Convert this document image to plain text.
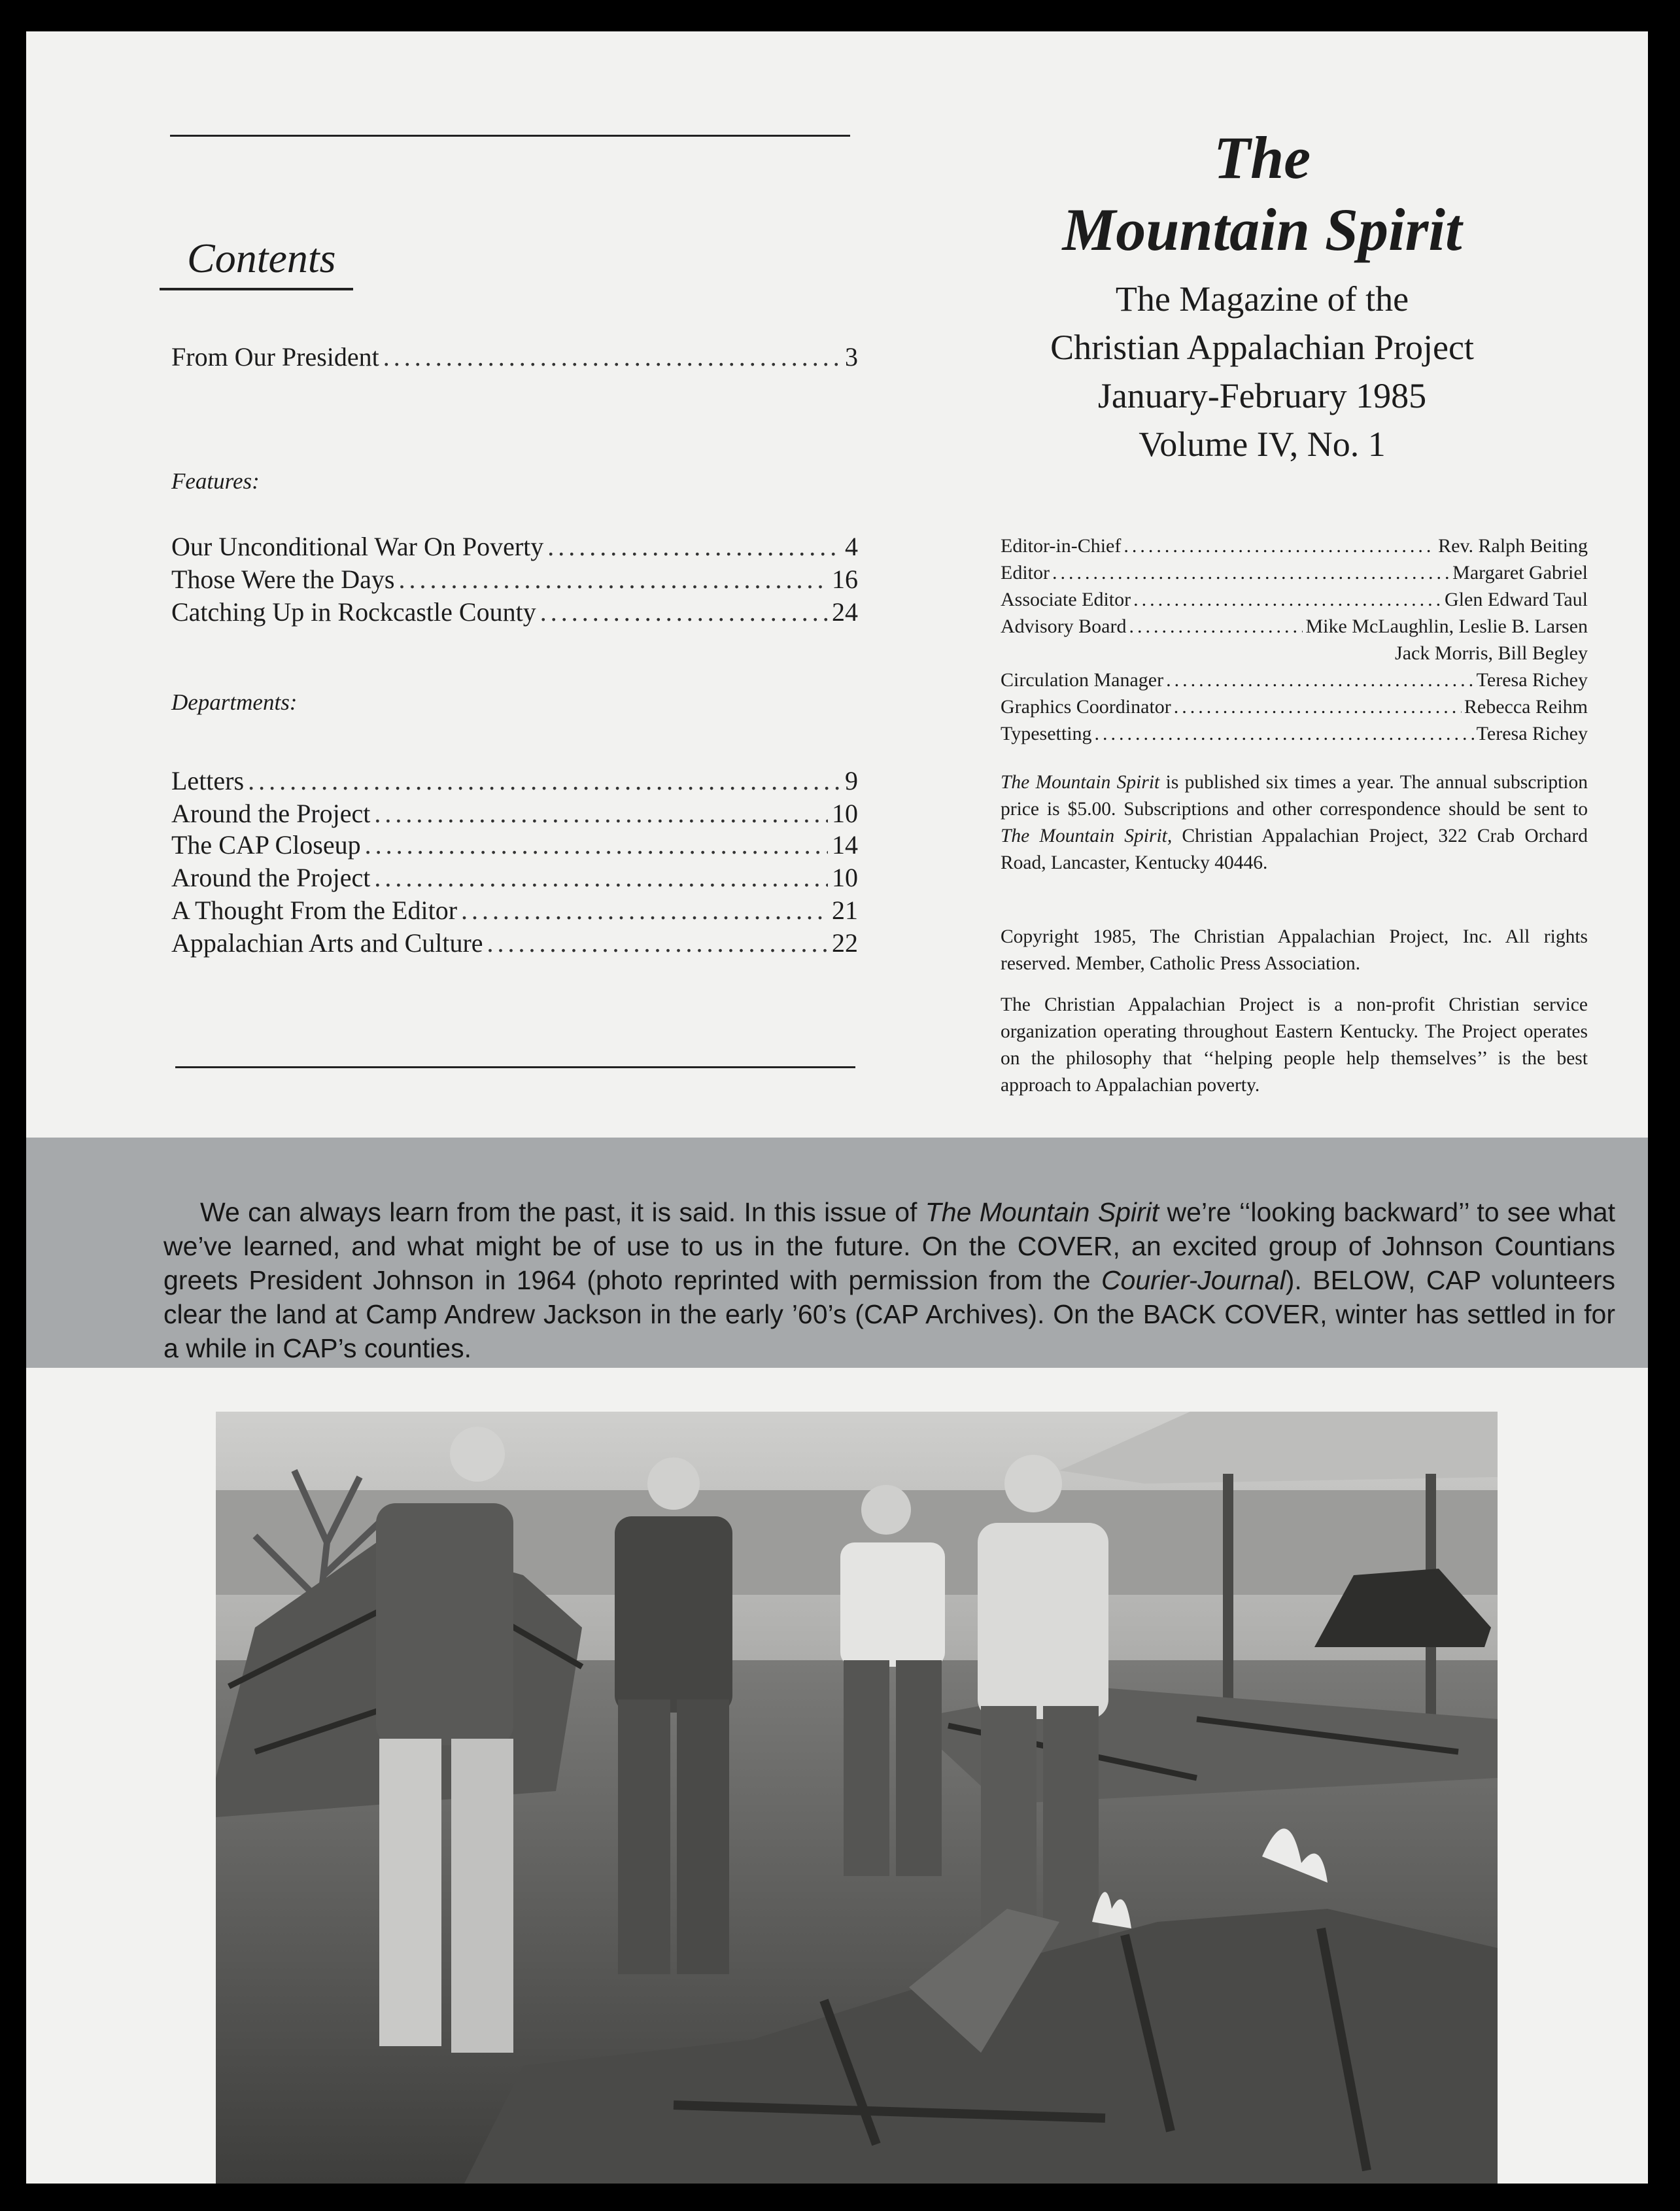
Contents
From Our President .....	3
Features:
Our Unconditional War On Poverty .....	4
Those Were the Days .....	16
Catching Up in Rockcastle County .....	24
Departments:
Letters .....	9
Around the Project .....	10
The CAP Closeup .....	14
Around the Project .....	10
A Thought From the Editor .....	21
Appalachian Arts and Culture .....	22

The

Mountain Spirit

The Magazine of the

Christian Appalachian Project

January-February 1985

Volume IV, No. 1

Editor-in-Chief .....	Rev. Ralph Beiting
Editor .....	Margaret Gabriel
Associate Editor .....	Glen Edward Taul
Advisory Board .....	Mike McLaughlin, Leslie B. Larsen
Jack Morris, Bill Begley
Circulation Manager .....	Teresa Richey
Graphics Coordinator .....	Rebecca Reihm
Typesetting .....	Teresa Richey

The Mountain Spirit is published six times a year. The annual subscription price is $5.00. Subscriptions and other correspondence should be sent to The Mountain Spirit, Christian Appalachian Project, 322 Crab Orchard Road, Lancaster, Kentucky 40446.

Copyright 1985, The Christian Appalachian Project, Inc. All rights reserved. Member, Catholic Press Association.

The Christian Appalachian Project is a non-profit Christian service organization operating throughout Eastern Kentucky. The Project operates on the philosophy that ‘‘helping people help themselves’’ is the best approach to Appalachian poverty.

We can always learn from the past, it is said. In this issue of The Mountain Spirit we’re ‘‘looking backward’’ to see what we’ve learned, and what might be of use to us in the future. On the COVER, an excited group of Johnson Countians greets President Johnson in 1964 (photo reprinted with permission from the Courier-Journal). BELOW, CAP volunteers clear the land at Camp Andrew Jackson in the early ’60’s (CAP Archives). On the BACK COVER, winter has settled in for a while in CAP’s counties.
